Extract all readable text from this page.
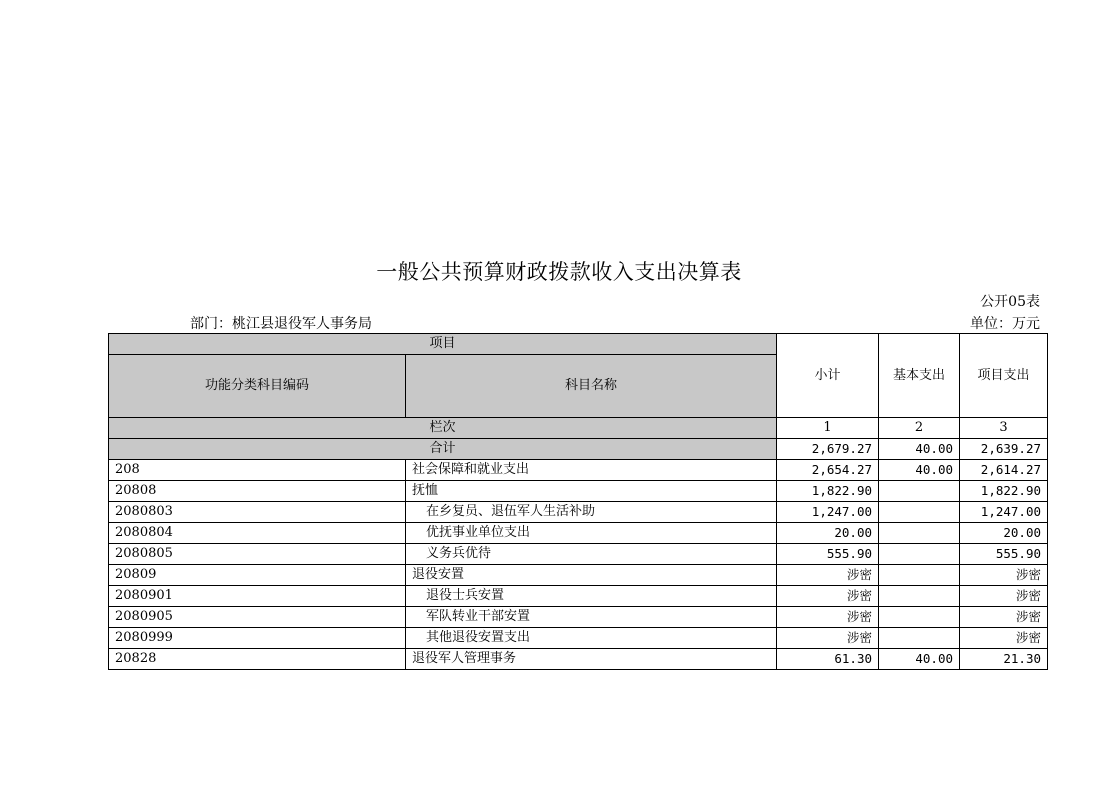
一般公共预算财政拨款收入支出决算表
公开05表
部门：桃江县退役军人事务局	单位：万元
项目		小计	基本支出	项目支出
功能分类科目编码	科目名称			
栏次		1	2	3
合计		2,679.27	40.00	2,639.27
208	社会保障和就业支出	2,654.27	40.00	2,614.27
20808	抚恤	1,822.90		1,822.90
2080803	在乡复员、退伍军人生活补助	1,247.00		1,247.00
2080804	优抚事业单位支出	20.00		20.00
2080805	义务兵优待	555.90		555.90
20809	退役安置	涉密		涉密
2080901	退役士兵安置	涉密		涉密
2080905	军队转业干部安置	涉密		涉密
2080999	其他退役安置支出	涉密		涉密
20828	退役军人管理事务	61.30	40.00	21.30
